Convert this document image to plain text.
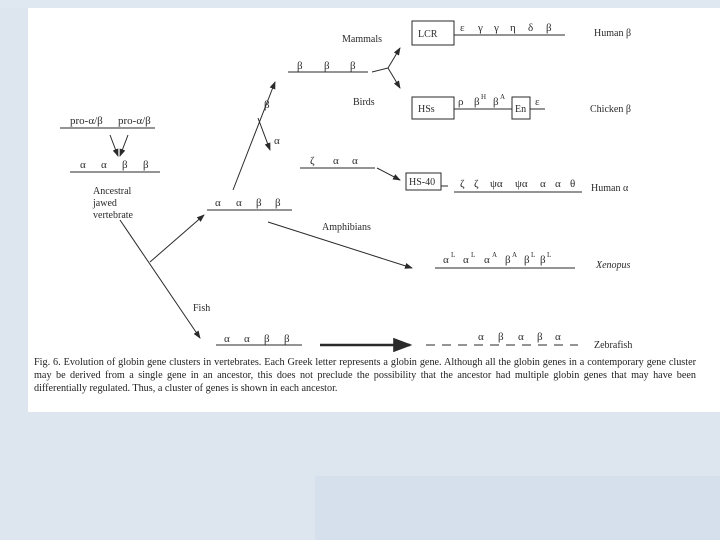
pro-α/β pro-α/β
α α β β
Ancestral
jawed
vertebrate
α α β β
β
β β β
Mammals
Birds
α
ζ α α
LCR
ε γ γ η δ β	Human β
HSs
ρ β H β A
En
ε
Chicken β
HS-40 ζ ζ ψα ψα α α θ Human α
Amphibians
α L α L α A β A β L β L
Xenopus
Fish
α α β β	α β α β α
Zebrafish
Fig. 6. Evolution of globin gene clusters in vertebrates. Each Greek letter represents a globin gene. Although all the globin genes in a contemporary gene cluster may be derived from a single gene in an ancestor, this does not preclude the possibility that the ancestor had multiple globin genes that may have been differentially regulated. Thus, a cluster of genes is shown in each ancestor.
